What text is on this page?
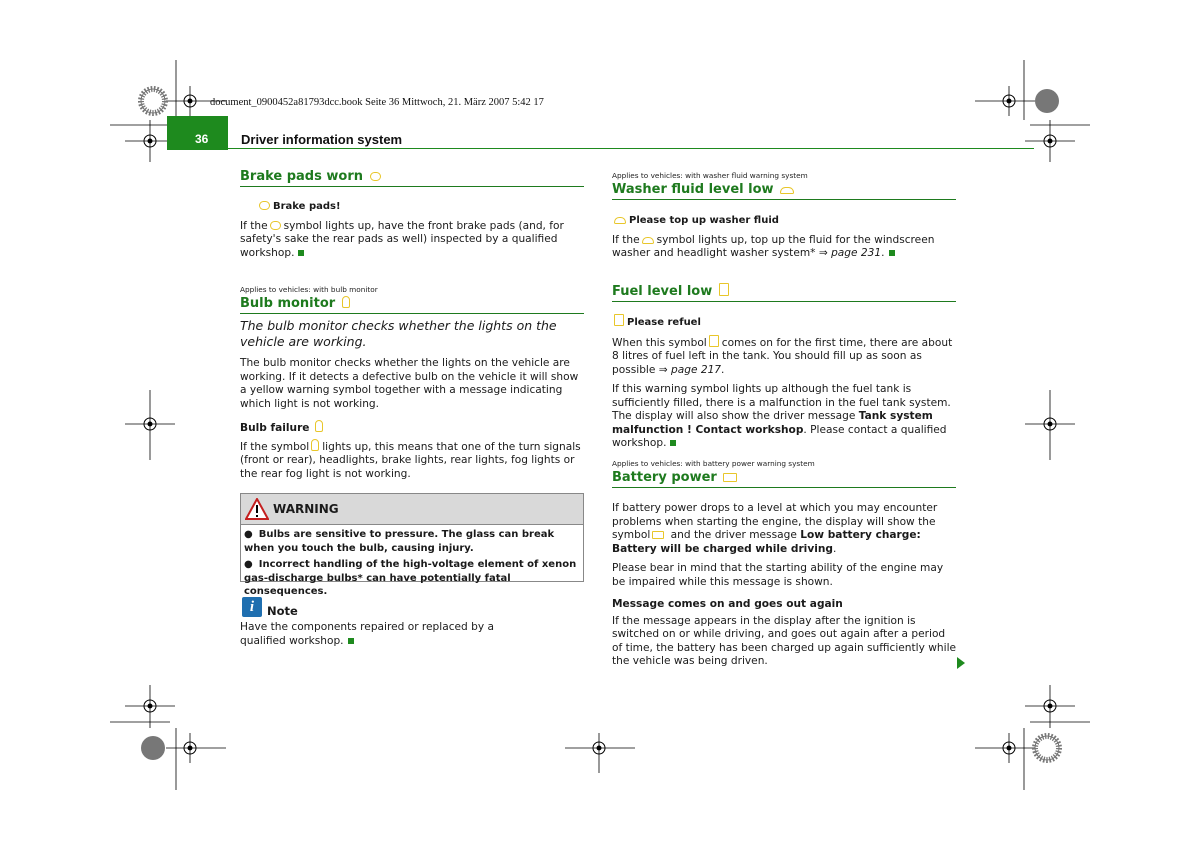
document_0900452a81793dcc.book Seite 36 Mittwoch, 21. März 2007 5:42 17
36	Driver information system
Brake pads worn

Brake pads!

If the symbol lights up, have the front brake pads (and, for safety's sake the rear pads as well) inspected by a qualified workshop.

Applies to vehicles: with bulb monitor
Bulb monitor

The bulb monitor checks whether the lights on the vehicle are working.

The bulb monitor checks whether the lights on the vehicle are working. If it detects a defective bulb on the vehicle it will show a yellow warning symbol together with a message indicating which light is not working.

Bulb failure

If the symbol lights up, this means that one of the turn signals (front or rear), headlights, brake lights, rear lights, fog lights or the rear fog light is not working.

WARNING
● Bulbs are sensitive to pressure. The glass can break when you touch the bulb, causing injury.
● Incorrect handling of the high-voltage element of xenon gas-discharge bulbs* can have potentially fatal consequences.
i	Note

Have the components repaired or replaced by a qualified workshop.

Applies to vehicles: with washer fluid warning system
Washer fluid level low

Please top up washer fluid

If the symbol lights up, top up the fluid for the windscreen washer and headlight washer system* ⇒ page 231.

Fuel level low

Please refuel

When this symbol comes on for the first time, there are about 8 litres of fuel left in the tank. You should fill up as soon as possible ⇒ page 217.

If this warning symbol lights up although the fuel tank is sufficiently filled, there is a malfunction in the fuel tank system. The display will also show the driver message Tank system malfunction ! Contact workshop. Please contact a qualified workshop.

Applies to vehicles: with battery power warning system
Battery power

If battery power drops to a level at which you may encounter problems when starting the engine, the display will show the symbol and the driver message Low battery charge: Battery will be charged while driving.

Please bear in mind that the starting ability of the engine may be impaired while this message is shown.

Message comes on and goes out again

If the message appears in the display after the ignition is switched on or while driving, and goes out again after a period of time, the battery has been charged up again sufficiently while the vehicle was being driven.
